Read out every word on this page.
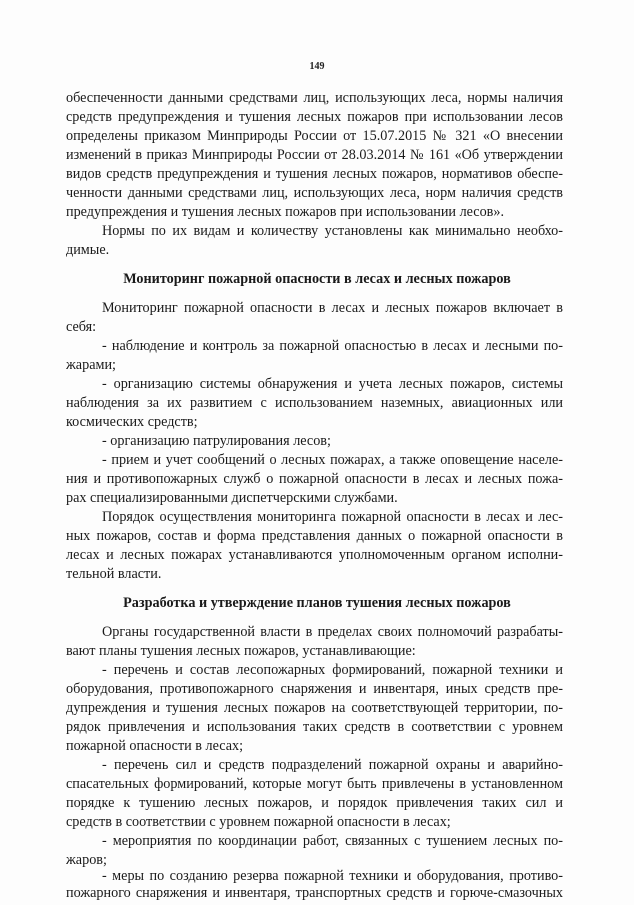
149
обеспеченности данными средствами лиц, использующих леса, нормы наличия
средств предупреждения и тушения лесных пожаров при использовании лесов
определены приказом Минприроды России от 15.07.2015 № 321 «О внесении
изменений в приказ Минприроды России от 28.03.2014 № 161 «Об утверждении
видов средств предупреждения и тушения лесных пожаров, нормативов обеспе-
ченности данными средствами лиц, использующих леса, норм наличия средств
предупреждения и тушения лесных пожаров при использовании лесов».
Нормы по их видам и количеству установлены как минимально необхо-
димые.
Мониторинг пожарной опасности в лесах и лесных пожаров
Мониторинг пожарной опасности в лесах и лесных пожаров включает в
себя:
- наблюдение и контроль за пожарной опасностью в лесах и лесными по-
жарами;
- организацию системы обнаружения и учета лесных пожаров, системы
наблюдения за их развитием с использованием наземных, авиационных или
космических средств;
- организацию патрулирования лесов;
- прием и учет сообщений о лесных пожарах, а также оповещение населе-
ния и противопожарных служб о пожарной опасности в лесах и лесных пожа-
рах специализированными диспетчерскими службами.
Порядок осуществления мониторинга пожарной опасности в лесах и лес-
ных пожаров, состав и форма представления данных о пожарной опасности в
лесах и лесных пожарах устанавливаются уполномоченным органом исполни-
тельной власти.
Разработка и утверждение планов тушения лесных пожаров
Органы государственной власти в пределах своих полномочий разрабаты-
вают планы тушения лесных пожаров, устанавливающие:
- перечень и состав лесопожарных формирований, пожарной техники и
оборудования, противопожарного снаряжения и инвентаря, иных средств пре-
дупреждения и тушения лесных пожаров на соответствующей территории, по-
рядок привлечения и использования таких средств в соответствии с уровнем
пожарной опасности в лесах;
- перечень сил и средств подразделений пожарной охраны и аварийно-
спасательных формирований, которые могут быть привлечены в установленном
порядке к тушению лесных пожаров, и порядок привлечения таких сил и
средств в соответствии с уровнем пожарной опасности в лесах;
- мероприятия по координации работ, связанных с тушением лесных по-
жаров;
- меры по созданию резерва пожарной техники и оборудования, противо-
пожарного снаряжения и инвентаря, транспортных средств и горюче-смазочных
